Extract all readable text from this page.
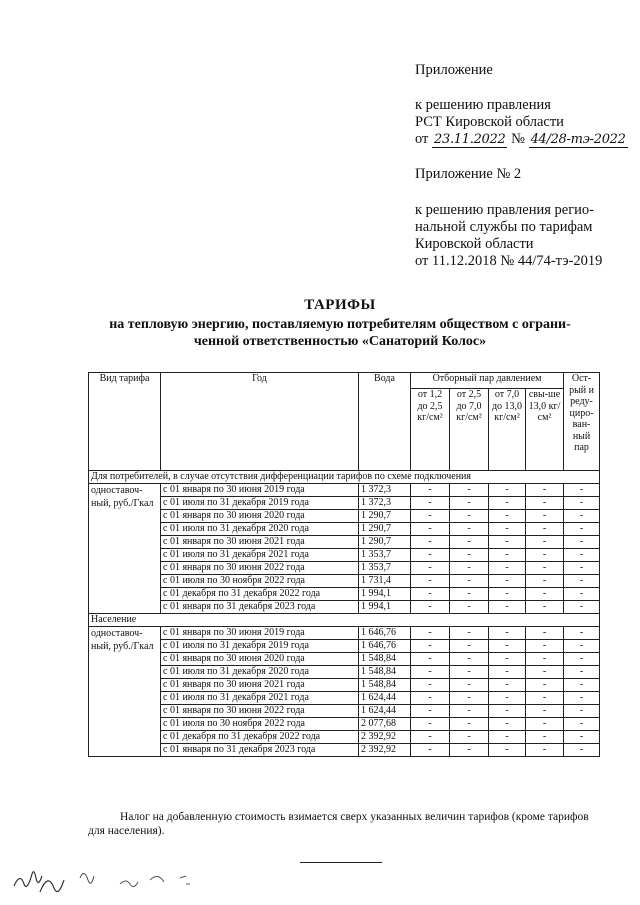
Приложение
к решению правления
РСТ Кировской области
от 23.11.2022 № 44/28-тэ-2022
Приложение № 2
к решению правления регио-
нальной службы по тарифам
Кировской области
от 11.12.2018 № 44/74-тэ-2019
ТАРИФЫ
на тепловую энергию, поставляемую потребителям обществом с ограни-
ченной ответственностью «Санаторий Колос»
Вид тарифа	Год	Вода	Отборный пар давлением				Ост-рый и реду-циро-ван-ный пар
			от 1,2 до 2,5 кг/см²	от 2,5 до 7,0 кг/см²	от 7,0 до 13,0 кг/см²	свы-ше 13,0 кг/см²	
Для потребителей, в случае отсутствия дифференциации тарифов по схеме подключения							
одноставоч-ный, руб./Гкал	с 01 января по 30 июня 2019 года	1 372,3	-	-	-	-	-
	с 01 июля по 31 декабря 2019 года	1 372,3	-	-	-	-	-
	с 01 января по 30 июня 2020 года	1 290,7	-	-	-	-	-
	с 01 июля по 31 декабря 2020 года	1 290,7	-	-	-	-	-
	с 01 января по 30 июня 2021 года	1 290,7	-	-	-	-	-
	с 01 июля по 31 декабря 2021 года	1 353,7	-	-	-	-	-
	с 01 января по 30 июня 2022 года	1 353,7	-	-	-	-	-
	с 01 июля по 30 ноября 2022 года	1 731,4	-	-	-	-	-
	с 01 декабря по 31 декабря 2022 года	1 994,1	-	-	-	-	-
	с 01 января по 31 декабря 2023 года	1 994,1	-	-	-	-	-
Население							
одноставоч-ный, руб./Гкал	с 01 января по 30 июня 2019 года	1 646,76	-	-	-	-	-
	с 01 июля по 31 декабря 2019 года	1 646,76	-	-	-	-	-
	с 01 января по 30 июня 2020 года	1 548,84	-	-	-	-	-
	с 01 июля по 31 декабря 2020 года	1 548,84	-	-	-	-	-
	с 01 января по 30 июня 2021 года	1 548,84	-	-	-	-	-
	с 01 июля по 31 декабря 2021 года	1 624,44	-	-	-	-	-
	с 01 января по 30 июня 2022 года	1 624,44	-	-	-	-	-
	с 01 июля по 30 ноября 2022 года	2 077,68	-	-	-	-	-
	с 01 декабря по 31 декабря 2022 года	2 392,92	-	-	-	-	-
	с 01 января по 31 декабря 2023 года	2 392,92	-	-	-	-	-
Налог на добавленную стоимость взимается сверх указанных величин тарифов (кроме тарифов для населения).
